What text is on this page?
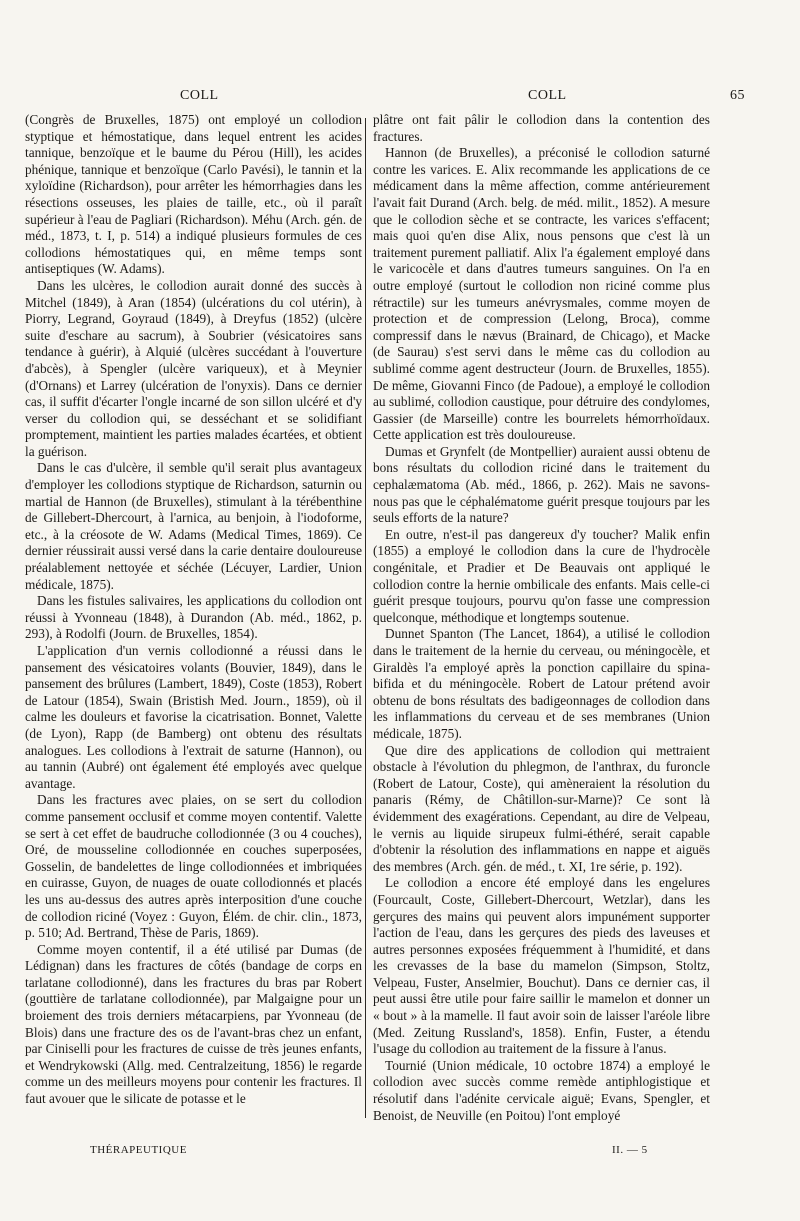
COLL	COLL	65

(Congrès de Bruxelles, 1875) ont employé un collodion styptique et hémostatique, dans lequel entrent les acides tannique, benzoïque et le baume du Pérou (Hill), les acides phénique, tannique et benzoïque (Carlo Pavési), le tannin et la xyloïdine (Richardson), pour arrêter les hémorrhagies dans les résections osseuses, les plaies de taille, etc., où il paraît supérieur à l'eau de Pagliari (Richardson). Méhu (Arch. gén. de méd., 1873, t. I, p. 514) a indiqué plusieurs formules de ces collodions hémostatiques qui, en même temps sont antiseptiques (W. Adams).

Dans les ulcères, le collodion aurait donné des succès à Mitchel (1849), à Aran (1854) (ulcérations du col utérin), à Piorry, Legrand, Goyraud (1849), à Dreyfus (1852) (ulcère suite d'eschare au sacrum), à Soubrier (vésicatoires sans tendance à guérir), à Alquié (ulcères succédant à l'ouverture d'abcès), à Spengler (ulcère variqueux), et à Meynier (d'Ornans) et Larrey (ulcération de l'onyxis). Dans ce dernier cas, il suffit d'écarter l'ongle incarné de son sillon ulcéré et d'y verser du collodion qui, se desséchant et se solidifiant promptement, maintient les parties malades écartées, et obtient la guérison.

Dans le cas d'ulcère, il semble qu'il serait plus avantageux d'employer les collodions styptique de Richardson, saturnin ou martial de Hannon (de Bruxelles), stimulant à la térébenthine de Gillebert-Dhercourt, à l'arnica, au benjoin, à l'iodoforme, etc., à la créosote de W. Adams (Medical Times, 1869). Ce dernier réussirait aussi versé dans la carie dentaire douloureuse préalablement nettoyée et séchée (Lécuyer, Lardier, Union médicale, 1875).

Dans les fistules salivaires, les applications du collodion ont réussi à Yvonneau (1848), à Durandon (Ab. méd., 1862, p. 293), à Rodolfi (Journ. de Bruxelles, 1854).

L'application d'un vernis collodionné a réussi dans le pansement des vésicatoires volants (Bouvier, 1849), dans le pansement des brûlures (Lambert, 1849), Coste (1853), Robert de Latour (1854), Swain (Bristish Med. Journ., 1859), où il calme les douleurs et favorise la cicatrisation. Bonnet, Valette (de Lyon), Rapp (de Bamberg) ont obtenu des résultats analogues. Les collodions à l'extrait de saturne (Hannon), ou au tannin (Aubré) ont également été employés avec quelque avantage.

Dans les fractures avec plaies, on se sert du collodion comme pansement occlusif et comme moyen contentif. Valette se sert à cet effet de baudruche collodionnée (3 ou 4 couches), Oré, de mousseline collodionnée en couches superposées, Gosselin, de bandelettes de linge collodionnées et imbriquées en cuirasse, Guyon, de nuages de ouate collodionnés et placés les uns au-dessus des autres après interposition d'une couche de collodion riciné (Voyez : Guyon, Élém. de chir. clin., 1873, p. 510; Ad. Bertrand, Thèse de Paris, 1869).

Comme moyen contentif, il a été utilisé par Dumas (de Lédignan) dans les fractures de côtés (bandage de corps en tarlatane collodionné), dans les fractures du bras par Robert (gouttière de tarlatane collodionnée), par Malgaigne pour un broiement des trois derniers métacarpiens, par Yvonneau (de Blois) dans une fracture des os de l'avant-bras chez un enfant, par Ciniselli pour les fractures de cuisse de très jeunes enfants, et Wendrykowski (Allg. med. Centralzeitung, 1856) le regarde comme un des meilleurs moyens pour contenir les fractures. Il faut avouer que le silicate de potasse et le

plâtre ont fait pâlir le collodion dans la contention des fractures.

Hannon (de Bruxelles), a préconisé le collodion saturné contre les varices. E. Alix recommande les applications de ce médicament dans la même affection, comme antérieurement l'avait fait Durand (Arch. belg. de méd. milit., 1852). A mesure que le collodion sèche et se contracte, les varices s'effacent; mais quoi qu'en dise Alix, nous pensons que c'est là un traitement purement palliatif. Alix l'a également employé dans le varicocèle et dans d'autres tumeurs sanguines. On l'a en outre employé (surtout le collodion non riciné comme plus rétractile) sur les tumeurs anévrysmales, comme moyen de protection et de compression (Lelong, Broca), comme compressif dans le nævus (Brainard, de Chicago), et Macke (de Saurau) s'est servi dans le même cas du collodion au sublimé comme agent destructeur (Journ. de Bruxelles, 1855). De même, Giovanni Finco (de Padoue), a employé le collodion au sublimé, collodion caustique, pour détruire des condylomes, Gassier (de Marseille) contre les bourrelets hémorrhoïdaux. Cette application est très douloureuse.

Dumas et Grynfelt (de Montpellier) auraient aussi obtenu de bons résultats du collodion riciné dans le traitement du cephalæmatoma (Ab. méd., 1866, p. 262). Mais ne savons-nous pas que le céphalématome guérit presque toujours par les seuls efforts de la nature?

En outre, n'est-il pas dangereux d'y toucher? Malik enfin (1855) a employé le collodion dans la cure de l'hydrocèle congénitale, et Pradier et De Beauvais ont appliqué le collodion contre la hernie ombilicale des enfants. Mais celle-ci guérit presque toujours, pourvu qu'on fasse une compression quelconque, méthodique et longtemps soutenue.

Dunnet Spanton (The Lancet, 1864), a utilisé le collodion dans le traitement de la hernie du cerveau, ou méningocèle, et Giraldès l'a employé après la ponction capillaire du spina-bifida et du méningocèle. Robert de Latour prétend avoir obtenu de bons résultats des badigeonnages de collodion dans les inflammations du cerveau et de ses membranes (Union médicale, 1875).

Que dire des applications de collodion qui mettraient obstacle à l'évolution du phlegmon, de l'anthrax, du furoncle (Robert de Latour, Coste), qui amèneraient la résolution du panaris (Rémy, de Châtillon-sur-Marne)? Ce sont là évidemment des exagérations. Cependant, au dire de Velpeau, le vernis au liquide sirupeux fulmi-éthéré, serait capable d'obtenir la résolution des inflammations en nappe et aiguës des membres (Arch. gén. de méd., t. XI, 1re série, p. 192).

Le collodion a encore été employé dans les engelures (Fourcault, Coste, Gillebert-Dhercourt, Wetzlar), dans les gerçures des mains qui peuvent alors impunément supporter l'action de l'eau, dans les gerçures des pieds des laveuses et autres personnes exposées fréquemment à l'humidité, et dans les crevasses de la base du mamelon (Simpson, Stoltz, Velpeau, Fuster, Anselmier, Bouchut). Dans ce dernier cas, il peut aussi être utile pour faire saillir le mamelon et donner un « bout » à la mamelle. Il faut avoir soin de laisser l'aréole libre (Med. Zeitung Russland's, 1858). Enfin, Fuster, a étendu l'usage du collodion au traitement de la fissure à l'anus.

Tournié (Union médicale, 10 octobre 1874) a employé le collodion avec succès comme remède antiphlogistique et résolutif dans l'adénite cervicale aiguë; Evans, Spengler, et Benoist, de Neuville (en Poitou) l'ont employé

THÉRAPEUTIQUE	II. — 5
